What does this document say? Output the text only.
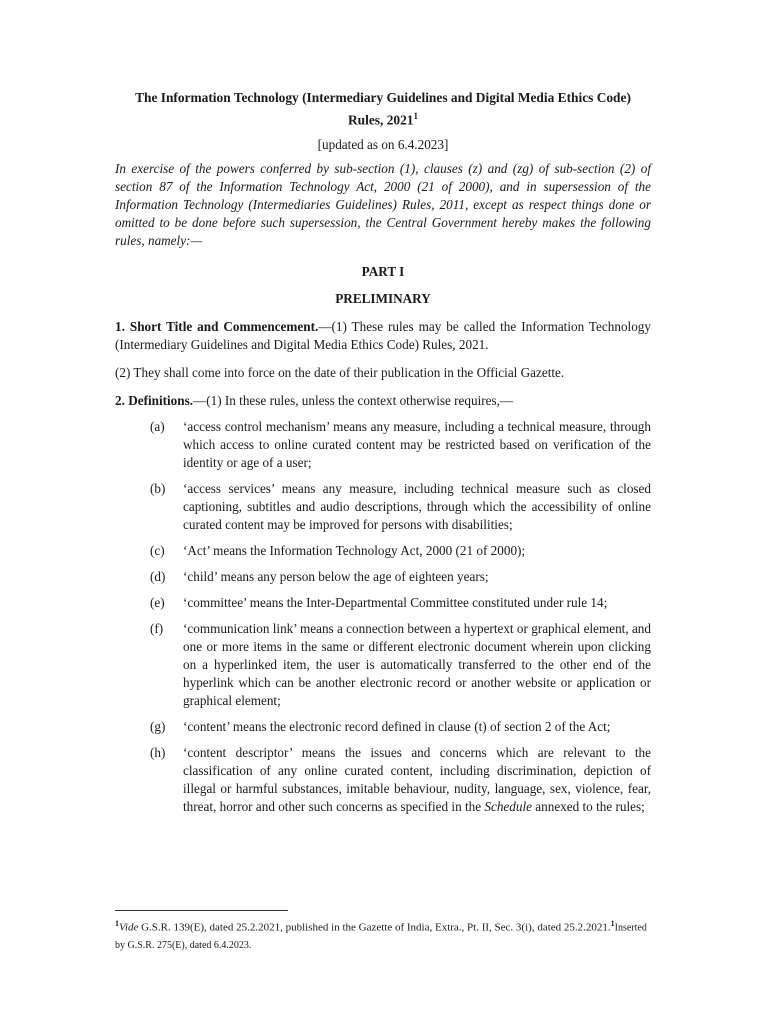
The Information Technology (Intermediary Guidelines and Digital Media Ethics Code)
Rules, 2021$^1$

[updated as on 6.4.2023]

In exercise of the powers conferred by sub-section (1), clauses (z) and (zg) of sub-section (2) of section 87 of the Information Technology Act, 2000 (21 of 2000), and in supersession of the Information Technology (Intermediaries Guidelines) Rules, 2011, except as respect things done or omitted to be done before such supersession, the Central Government hereby makes the following rules, namely:—

PART I

PRELIMINARY

1. Short Title and Commencement.—(1) These rules may be called the Information Technology (Intermediary Guidelines and Digital Media Ethics Code) Rules, 2021.

(2) They shall come into force on the date of their publication in the Official Gazette.

2. Definitions.—(1) In these rules, unless the context otherwise requires,—

(a)	‘access control mechanism’ means any measure, including a technical measure, through which access to online curated content may be restricted based on verification of the identity or age of a user;
(b)	‘access services’ means any measure, including technical measure such as closed captioning, subtitles and audio descriptions, through which the accessibility of online curated content may be improved for persons with disabilities;
(c)	‘Act’ means the Information Technology Act, 2000 (21 of 2000);
(d)	‘child’ means any person below the age of eighteen years;
(e)	‘committee’ means the Inter-Departmental Committee constituted under rule 14;
(f)	‘communication link’ means a connection between a hypertext or graphical element, and one or more items in the same or different electronic document wherein upon clicking on a hyperlinked item, the user is automatically transferred to the other end of the hyperlink which can be another electronic record or another website or application or graphical element;
(g)	‘content’ means the electronic record defined in clause (t) of section 2 of the Act;
(h)	‘content descriptor’ means the issues and concerns which are relevant to the classification of any online curated content, including discrimination, depiction of illegal or harmful substances, imitable behaviour, nudity, language, sex, violence, fear, threat, horror and other such concerns as specified in the Schedule annexed to the rules;
$^1$Vide G.S.R. 139(E), dated 25.2.2021, published in the Gazette of India, Extra., Pt. II, Sec. 3(i), dated 25.2.2021.$^1$Inserted by G.S.R. 275(E), dated 6.4.2023.
